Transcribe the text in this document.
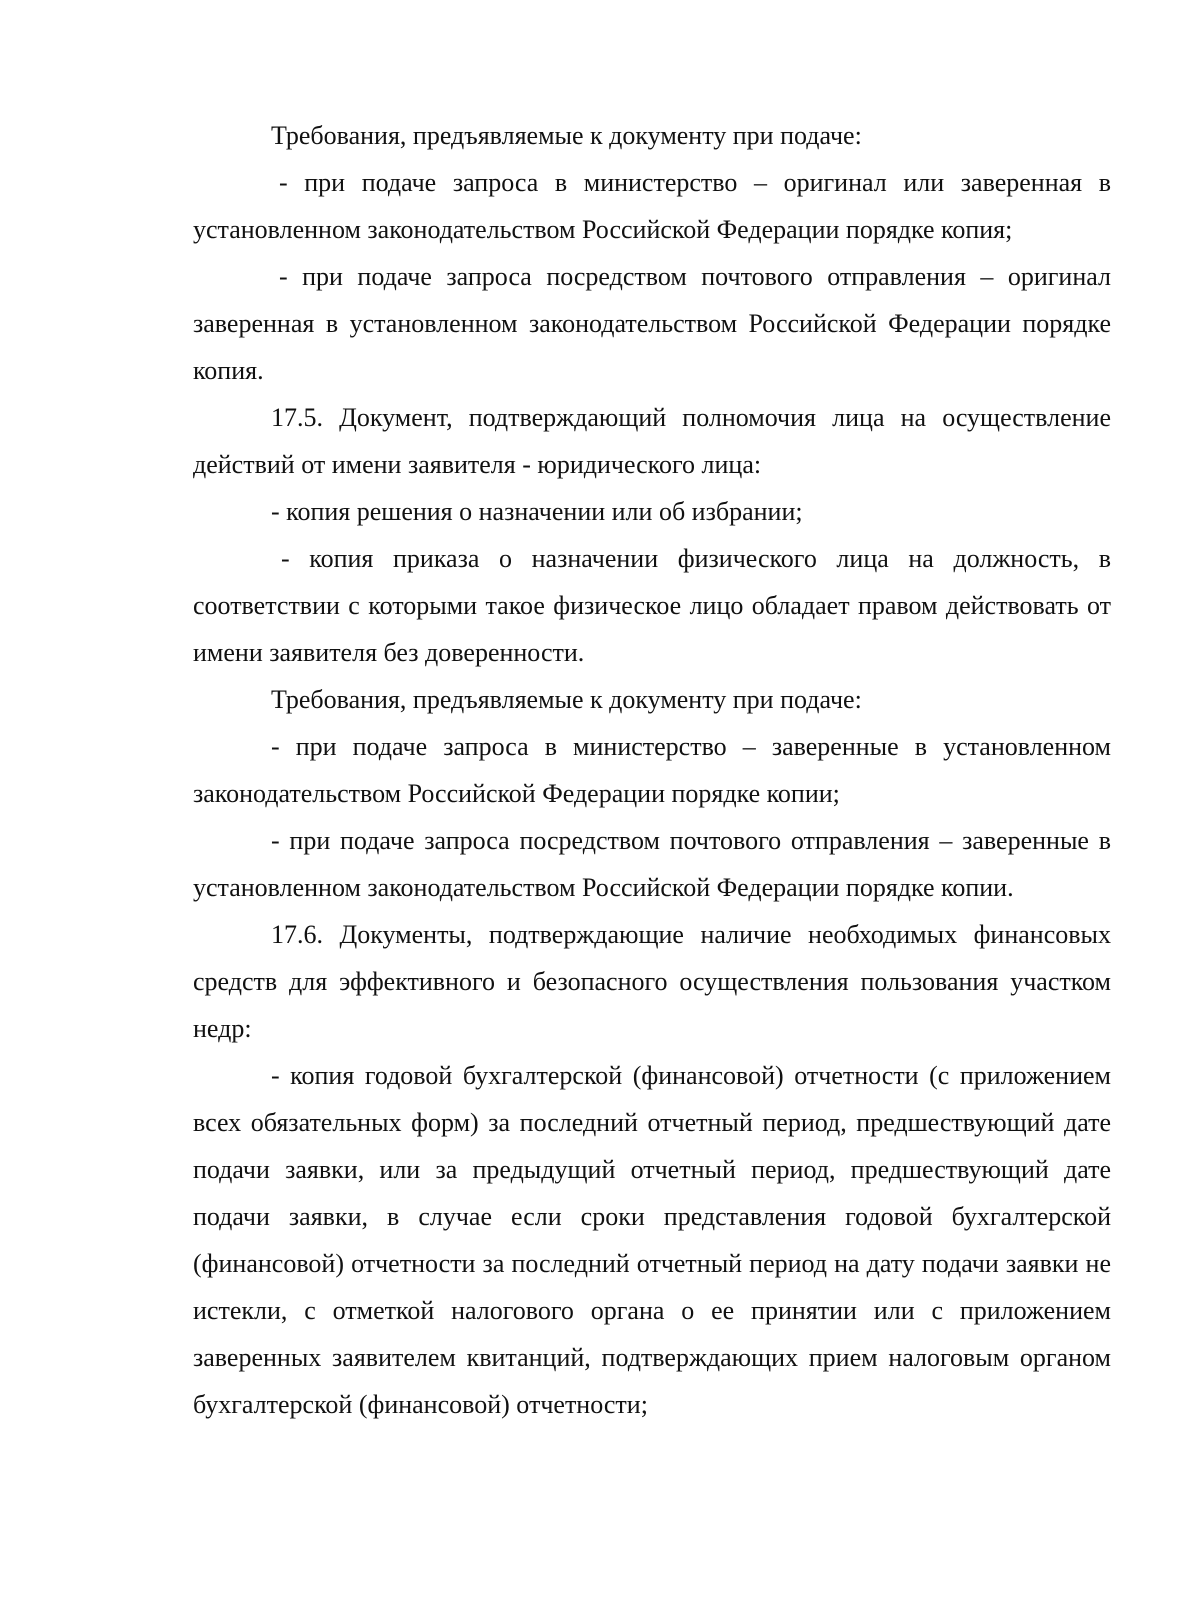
Требования, предъявляемые к документу при подаче:

- при подаче запроса в министерство – оригинал или заверенная в установленном законодательством Российской Федерации порядке копия;

- при подаче запроса посредством почтового отправления – оригинал заверенная в установленном законодательством Российской Федерации порядке копия.

17.5. Документ, подтверждающий полномочия лица на осуществление действий от имени заявителя - юридического лица:

- копия решения о назначении или об избрании;

- копия приказа о назначении физического лица на должность, в соответствии с которыми такое физическое лицо обладает правом действовать от имени заявителя без доверенности.

Требования, предъявляемые к документу при подаче:

- при подаче запроса в министерство – заверенные в установленном законодательством Российской Федерации порядке копии;

- при подаче запроса посредством почтового отправления – заверенные в установленном законодательством Российской Федерации порядке копии.

17.6. Документы, подтверждающие наличие необходимых финансовых средств для эффективного и безопасного осуществления пользования участком недр:

- копия годовой бухгалтерской (финансовой) отчетности (с приложением всех обязательных форм) за последний отчетный период, предшествующий дате подачи заявки, или за предыдущий отчетный период, предшествующий дате подачи заявки, в случае если сроки представления годовой бухгалтерской (финансовой) отчетности за последний отчетный период на дату подачи заявки не истекли, с отметкой налогового органа о ее принятии или с приложением заверенных заявителем квитанций, подтверждающих прием налоговым органом бухгалтерской (финансовой) отчетности;
